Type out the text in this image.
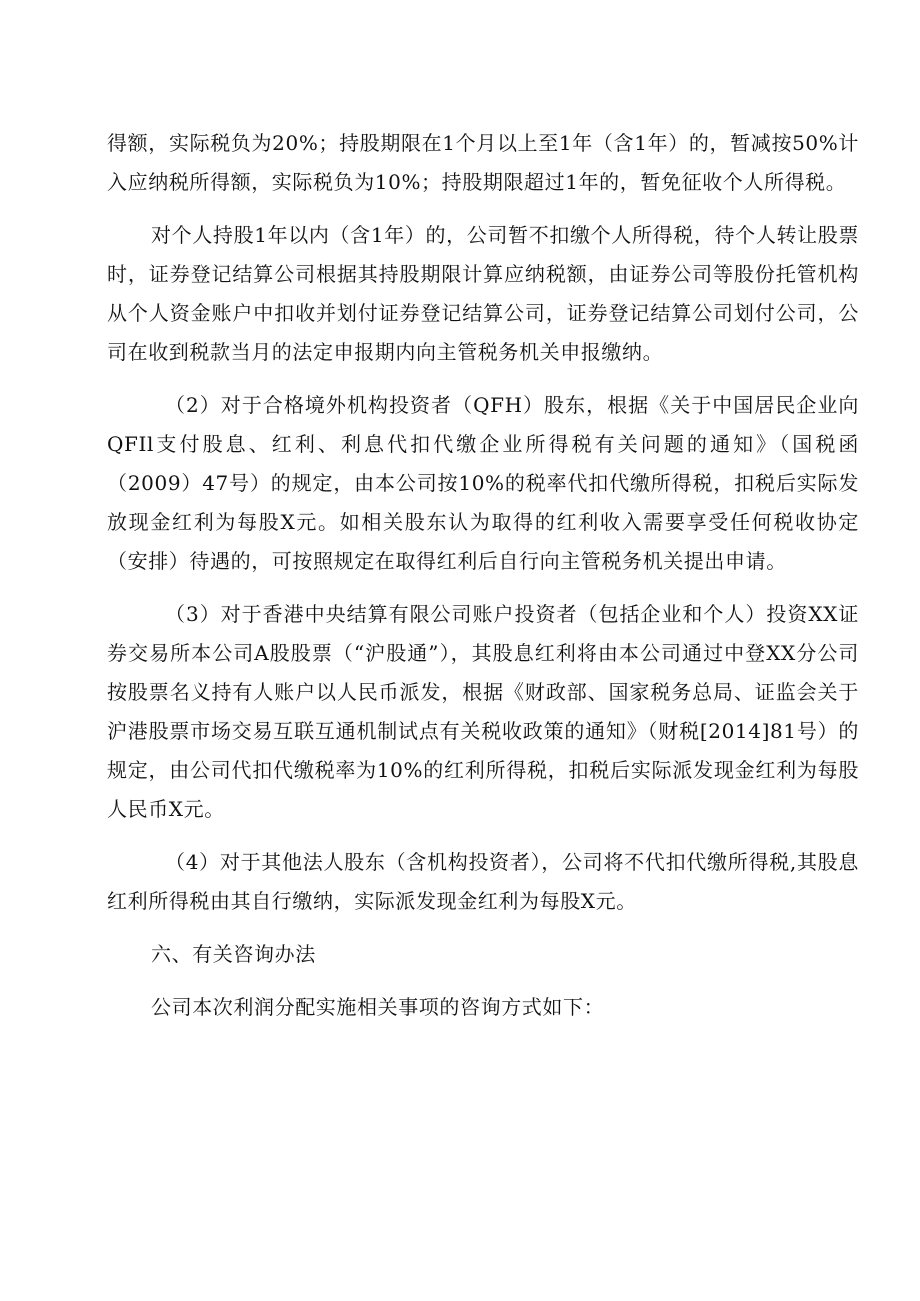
得额，实际税负为20%；持股期限在1个月以上至1年（含1年）的，暂减按50%计入应纳税所得额，实际税负为10%；持股期限超过1年的，暂免征收个人所得税。

对个人持股1年以内（含1年）的，公司暂不扣缴个人所得税，待个人转让股票时，证券登记结算公司根据其持股期限计算应纳税额，由证券公司等股份托管机构从个人资金账户中扣收并划付证券登记结算公司，证券登记结算公司划付公司，公司在收到税款当月的法定申报期内向主管税务机关申报缴纳。

（2）对于合格境外机构投资者（QFH）股东，根据《关于中国居民企业向QFIl支付股息、红利、利息代扣代缴企业所得税有关问题的通知》（国税函（2009）47号）的规定，由本公司按10%的税率代扣代缴所得税，扣税后实际发放现金红利为每股X元。如相关股东认为取得的红利收入需要享受任何税收协定（安排）待遇的，可按照规定在取得红利后自行向主管税务机关提出申请。

（3）对于香港中央结算有限公司账户投资者（包括企业和个人）投资XX证券交易所本公司A股股票（“沪股通”），其股息红利将由本公司通过中登XX分公司按股票名义持有人账户以人民币派发，根据《财政部、国家税务总局、证监会关于沪港股票市场交易互联互通机制试点有关税收政策的通知》（财税[2014]81号）的规定，由公司代扣代缴税率为10%的红利所得税，扣税后实际派发现金红利为每股人民币X元。

（4）对于其他法人股东（含机构投资者），公司将不代扣代缴所得税,其股息红利所得税由其自行缴纳，实际派发现金红利为每股X元。

六、有关咨询办法

公司本次利润分配实施相关事项的咨询方式如下：
